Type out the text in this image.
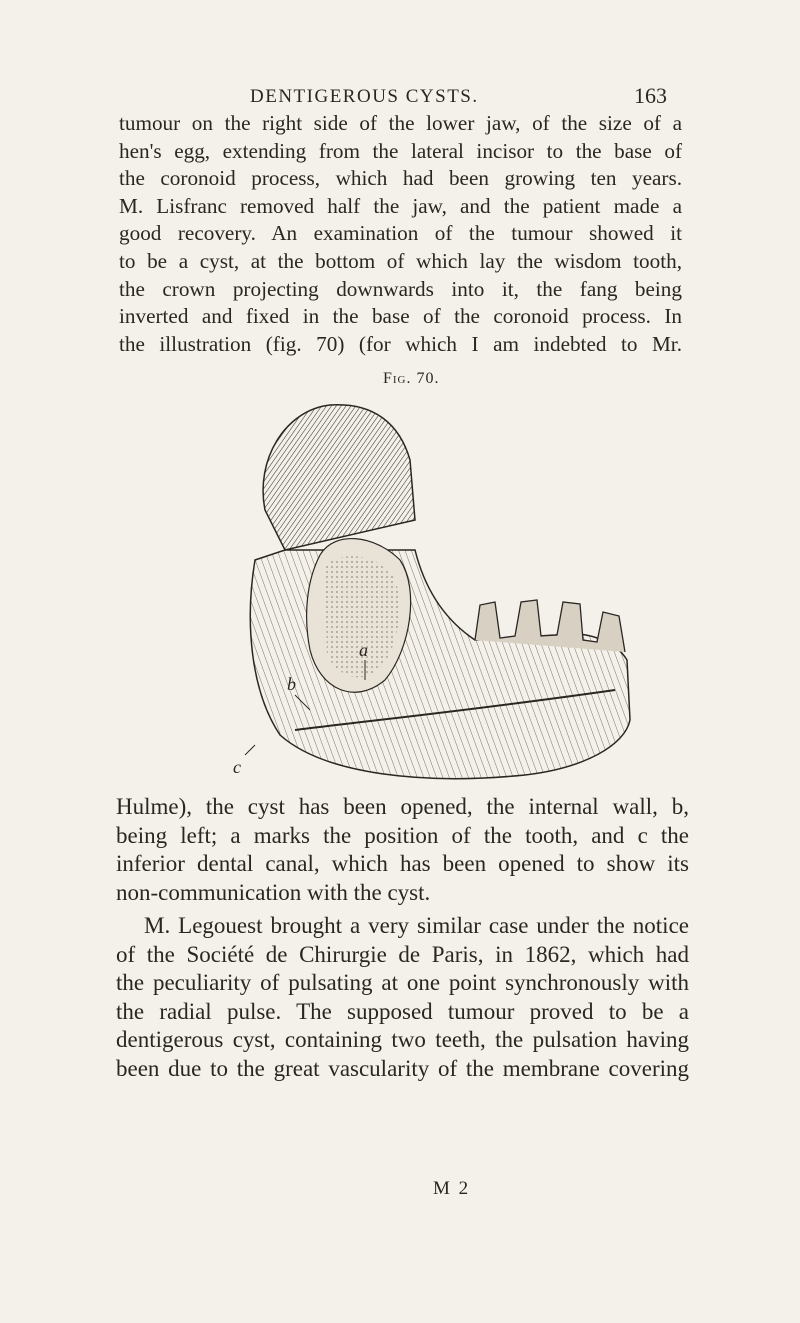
DENTIGEROUS CYSTS.	163

tumour on the right side of the lower jaw, of the size of a
hen's egg, extending from the lateral incisor to the base of
the coronoid process, which had been growing ten years.
M. Lisfranc removed half the jaw, and the patient made a
good recovery. An examination of the tumour showed it
to be a cyst, at the bottom of which lay the wisdom tooth,
the crown projecting downwards into it, the fang being
inverted and fixed in the base of the coronoid process. In
the illustration (fig. 70) (for which I am indebted to Mr.

Fig. 70.
a
b
c

Hulme), the cyst has been opened, the internal wall, b,
being left; a marks the position of the tooth, and c the
inferior dental canal, which has been opened to show its
non-communication with the cyst.

M. Legouest brought a very similar case under the notice
of the Société de Chirurgie de Paris, in 1862, which had
the peculiarity of pulsating at one point synchronously with
the radial pulse. The supposed tumour proved to be a
dentigerous cyst, containing two teeth, the pulsation having
been due to the great vascularity of the membrane covering

M 2
